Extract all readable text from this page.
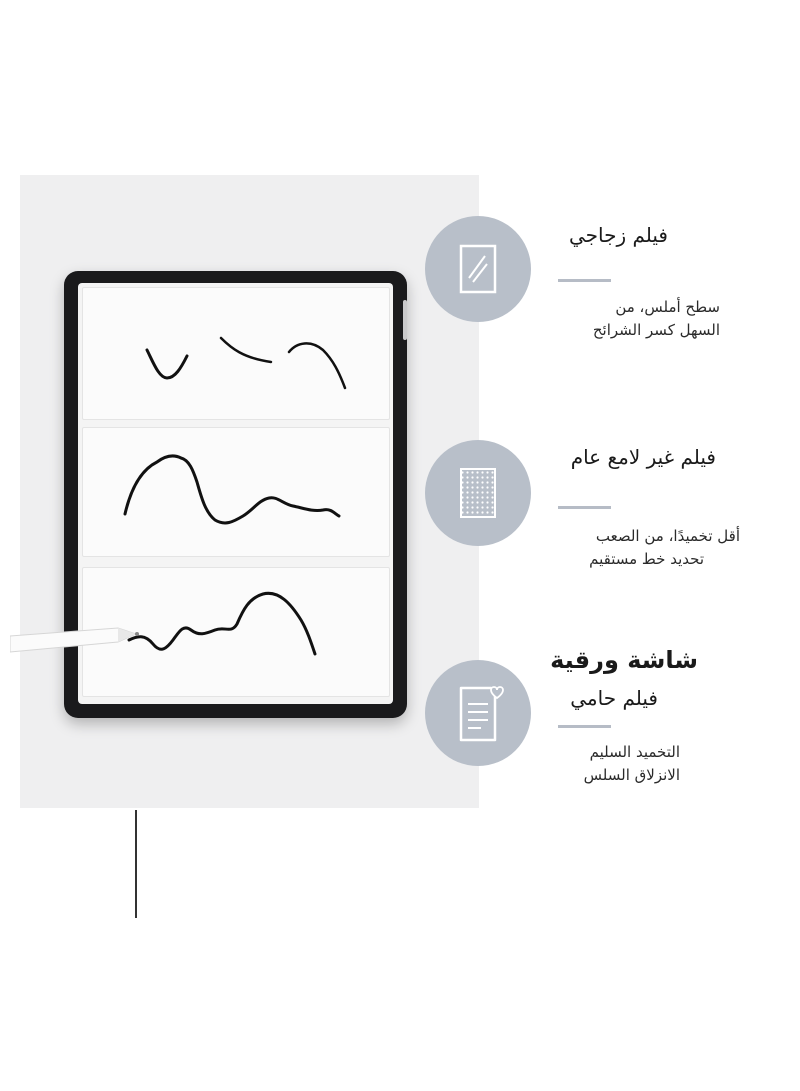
فيلم زجاجي
سطح أملس، من
السهل كسر الشرائح
فيلم غير لامع عام
أقل تخميدًا، من الصعب
تحديد خط مستقيم
شاشة ورقية
فيلم حامي
التخميد السليم
الانزلاق السلس
